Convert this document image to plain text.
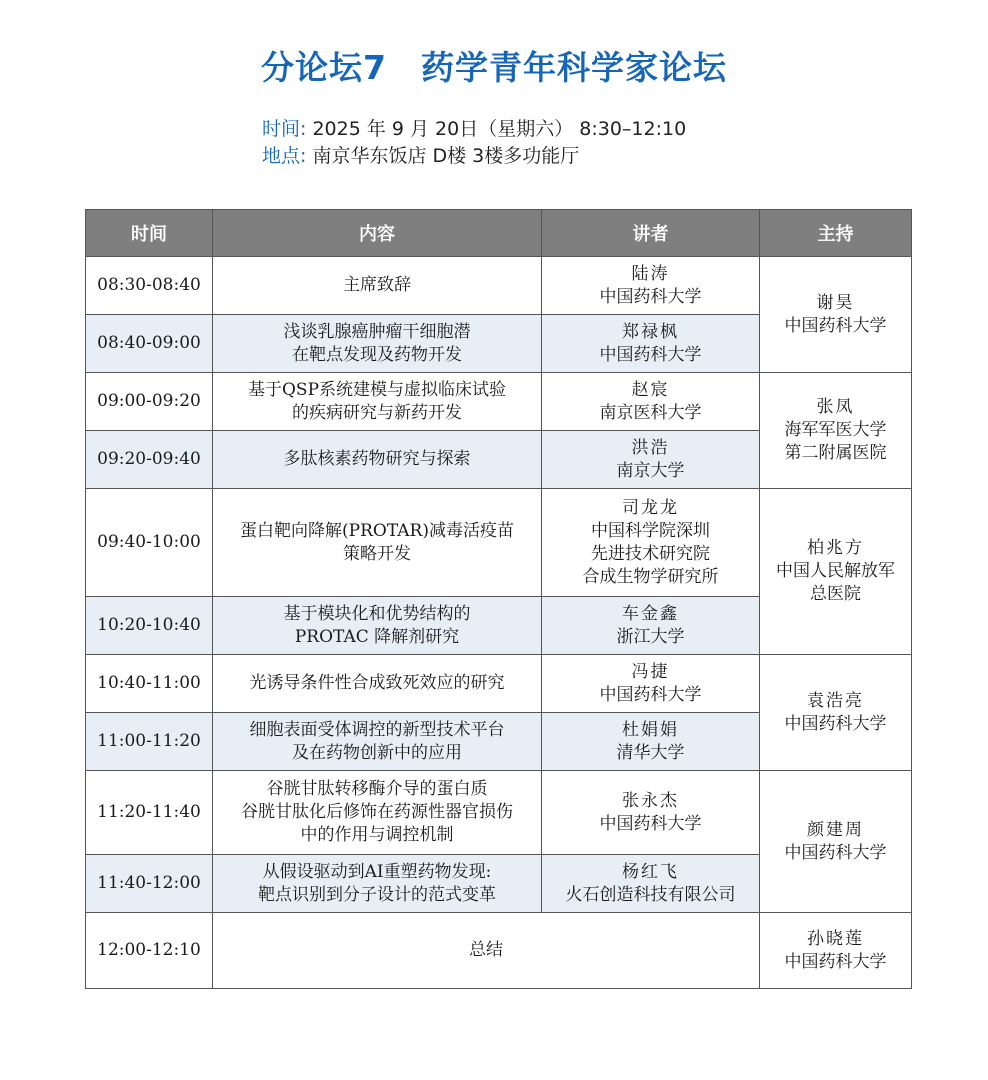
分论坛7 药学青年科学家论坛
时间: 2025 年 9 月 20日（星期六） 8:30–12:10
地点: 南京华东饭店 D楼 3楼多功能厅
时间	内容	讲者	主持
08:30-08:40	主席致辞	陆涛
中国药科大学	谢昊
中国药科大学

08:40-09:00	浅谈乳腺癌肿瘤干细胞潜
在靶点发现及药物开发	郑禄枫
中国药科大学	

09:00-09:20	基于QSP系统建模与虚拟临床试验
的疾病研究与新药开发	赵宸
南京医科大学	张凤
海军军医大学
第二附属医院

09:20-09:40	多肽核素药物研究与探索	洪浩
南京大学	

09:40-10:00	蛋白靶向降解(PROTAR)减毒活疫苗
策略开发	司龙龙
中国科学院深圳
先进技术研究院
合成生物学研究所	柏兆方
中国人民解放军
总医院

10:20-10:40	基于模块化和优势结构的
PROTAC 降解剂研究	车金鑫
浙江大学	

10:40-11:00	光诱导条件性合成致死效应的研究	冯捷
中国药科大学	袁浩亮
中国药科大学

11:00-11:20	细胞表面受体调控的新型技术平台
及在药物创新中的应用	杜娟娟
清华大学	

11:20-11:40	谷胱甘肽转移酶介导的蛋白质
谷胱甘肽化后修饰在药源性器官损伤
中的作用与调控机制	张永杰
中国药科大学	颜建周
中国药科大学

11:40-12:00	从假设驱动到AI重塑药物发现:
靶点识别到分子设计的范式变革	杨红飞
火石创造科技有限公司	

12:00-12:10	总结		孙晓莲
中国药科大学
